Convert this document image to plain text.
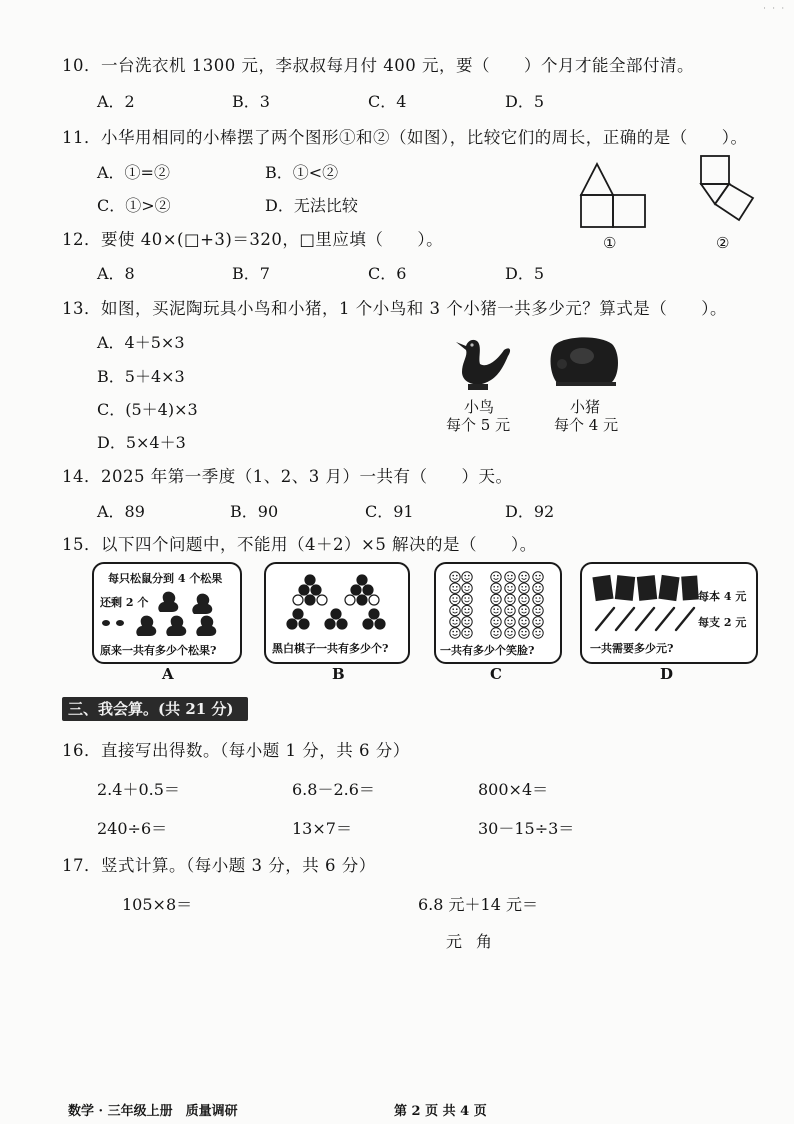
· · ·
10．一台洗衣机 1300 元，李叔叔每月付 400 元，要（　　）个月才能全部付清。
A．2	B．3	C．4	D．5
11．小华用相同的小棒摆了两个图形①和②（如图），比较它们的周长，正确的是（　　）。
A．①=②	B．①<②
C．①>②	D．无法比较
①	②
12．要使 40×(□+3)＝320，□里应填（　　）。
A．8	B．7	C．6	D．5
13．如图，买泥陶玩具小鸟和小猪，1 个小鸟和 3 个小猪一共多少元？算式是（　　）。
A．4＋5×3
B．5＋4×3
C．(5＋4)×3
D．5×4＋3
小鸟
每个 5 元
小猪
每个 4 元
14．2025 年第一季度（1、2、3 月）一共有（　　）天。
A．89	B．90	C．91	D．92
15．以下四个问题中，不能用（4＋2）×5 解决的是（　　）。
每只松鼠分到 4 个松果
还剩 2 个
原来一共有多少个松果?
A
黑白棋子一共有多少个?
B
一共有多少个笑脸?
C
每本 4 元
每支 2 元
一共需要多少元?
D
三、我会算。(共 21 分)
16．直接写出得数。（每小题 1 分，共 6 分）
2.4＋0.5＝	6.8－2.6＝	800×4＝
240÷6＝	13×7＝	30－15÷3＝
17．竖式计算。（每小题 3 分，共 6 分）
105×8＝	6.8 元＋14 元＝
元 角
数学 · 三年级上册　质量调研	第 2 页 共 4 页
